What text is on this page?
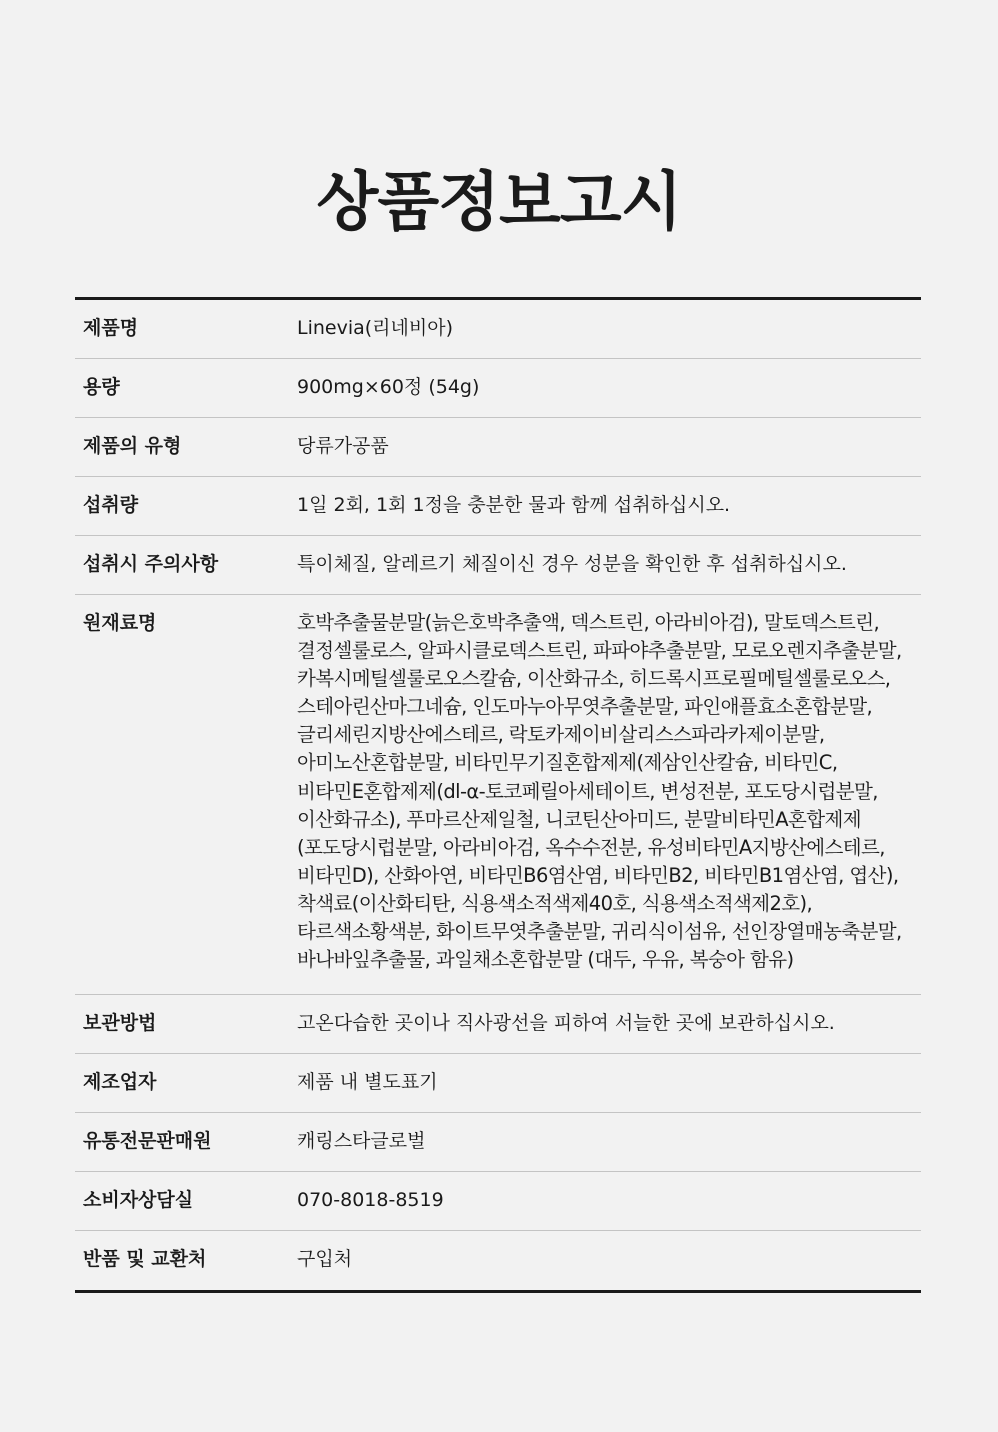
상품정보고시
제품명	Linevia(리네비아)
용량	900mg×60정 (54g)
제품의 유형	당류가공품
섭취량	1일 2회, 1회 1정을 충분한 물과 함께 섭취하십시오.
섭취시 주의사항	특이체질, 알레르기 체질이신 경우 성분을 확인한 후 섭취하십시오.
원재료명	호박추출물분말(늙은호박추출액, 덱스트린, 아라비아검), 말토덱스트린, 결정셀룰로스, 알파시클로덱스트린, 파파야추출분말, 모로오렌지추출분말, 카복시메틸셀룰로오스칼슘, 이산화규소, 히드록시프로필메틸셀룰로오스, 스테아린산마그네슘, 인도마누아무엿추출분말, 파인애플효소혼합분말, 글리세린지방산에스테르, 락토카제이비살리스스파라카제이분말, 아미노산혼합분말, 비타민무기질혼합제제(제삼인산칼슘, 비타민C, 비타민E혼합제제(dl-α-토코페릴아세테이트, 변성전분, 포도당시럽분말, 이산화규소), 푸마르산제일철, 니코틴산아미드, 분말비타민A혼합제제(포도당시럽분말, 아라비아검, 옥수수전분, 유성비타민A지방산에스테르, 비타민D), 산화아연, 비타민B6염산염, 비타민B2, 비타민B1염산염, 엽산), 착색료(이산화티탄, 식용색소적색제40호, 식용색소적색제2호), 타르색소황색분, 화이트무엿추출분말, 귀리식이섬유, 선인장열매농축분말, 바나바잎추출물, 과일채소혼합분말 (대두, 우유, 복숭아 함유)
보관방법	고온다습한 곳이나 직사광선을 피하여 서늘한 곳에 보관하십시오.
제조업자	제품 내 별도표기
유통전문판매원	캐링스타글로벌
소비자상담실	070-8018-8519
반품 및 교환처	구입처
